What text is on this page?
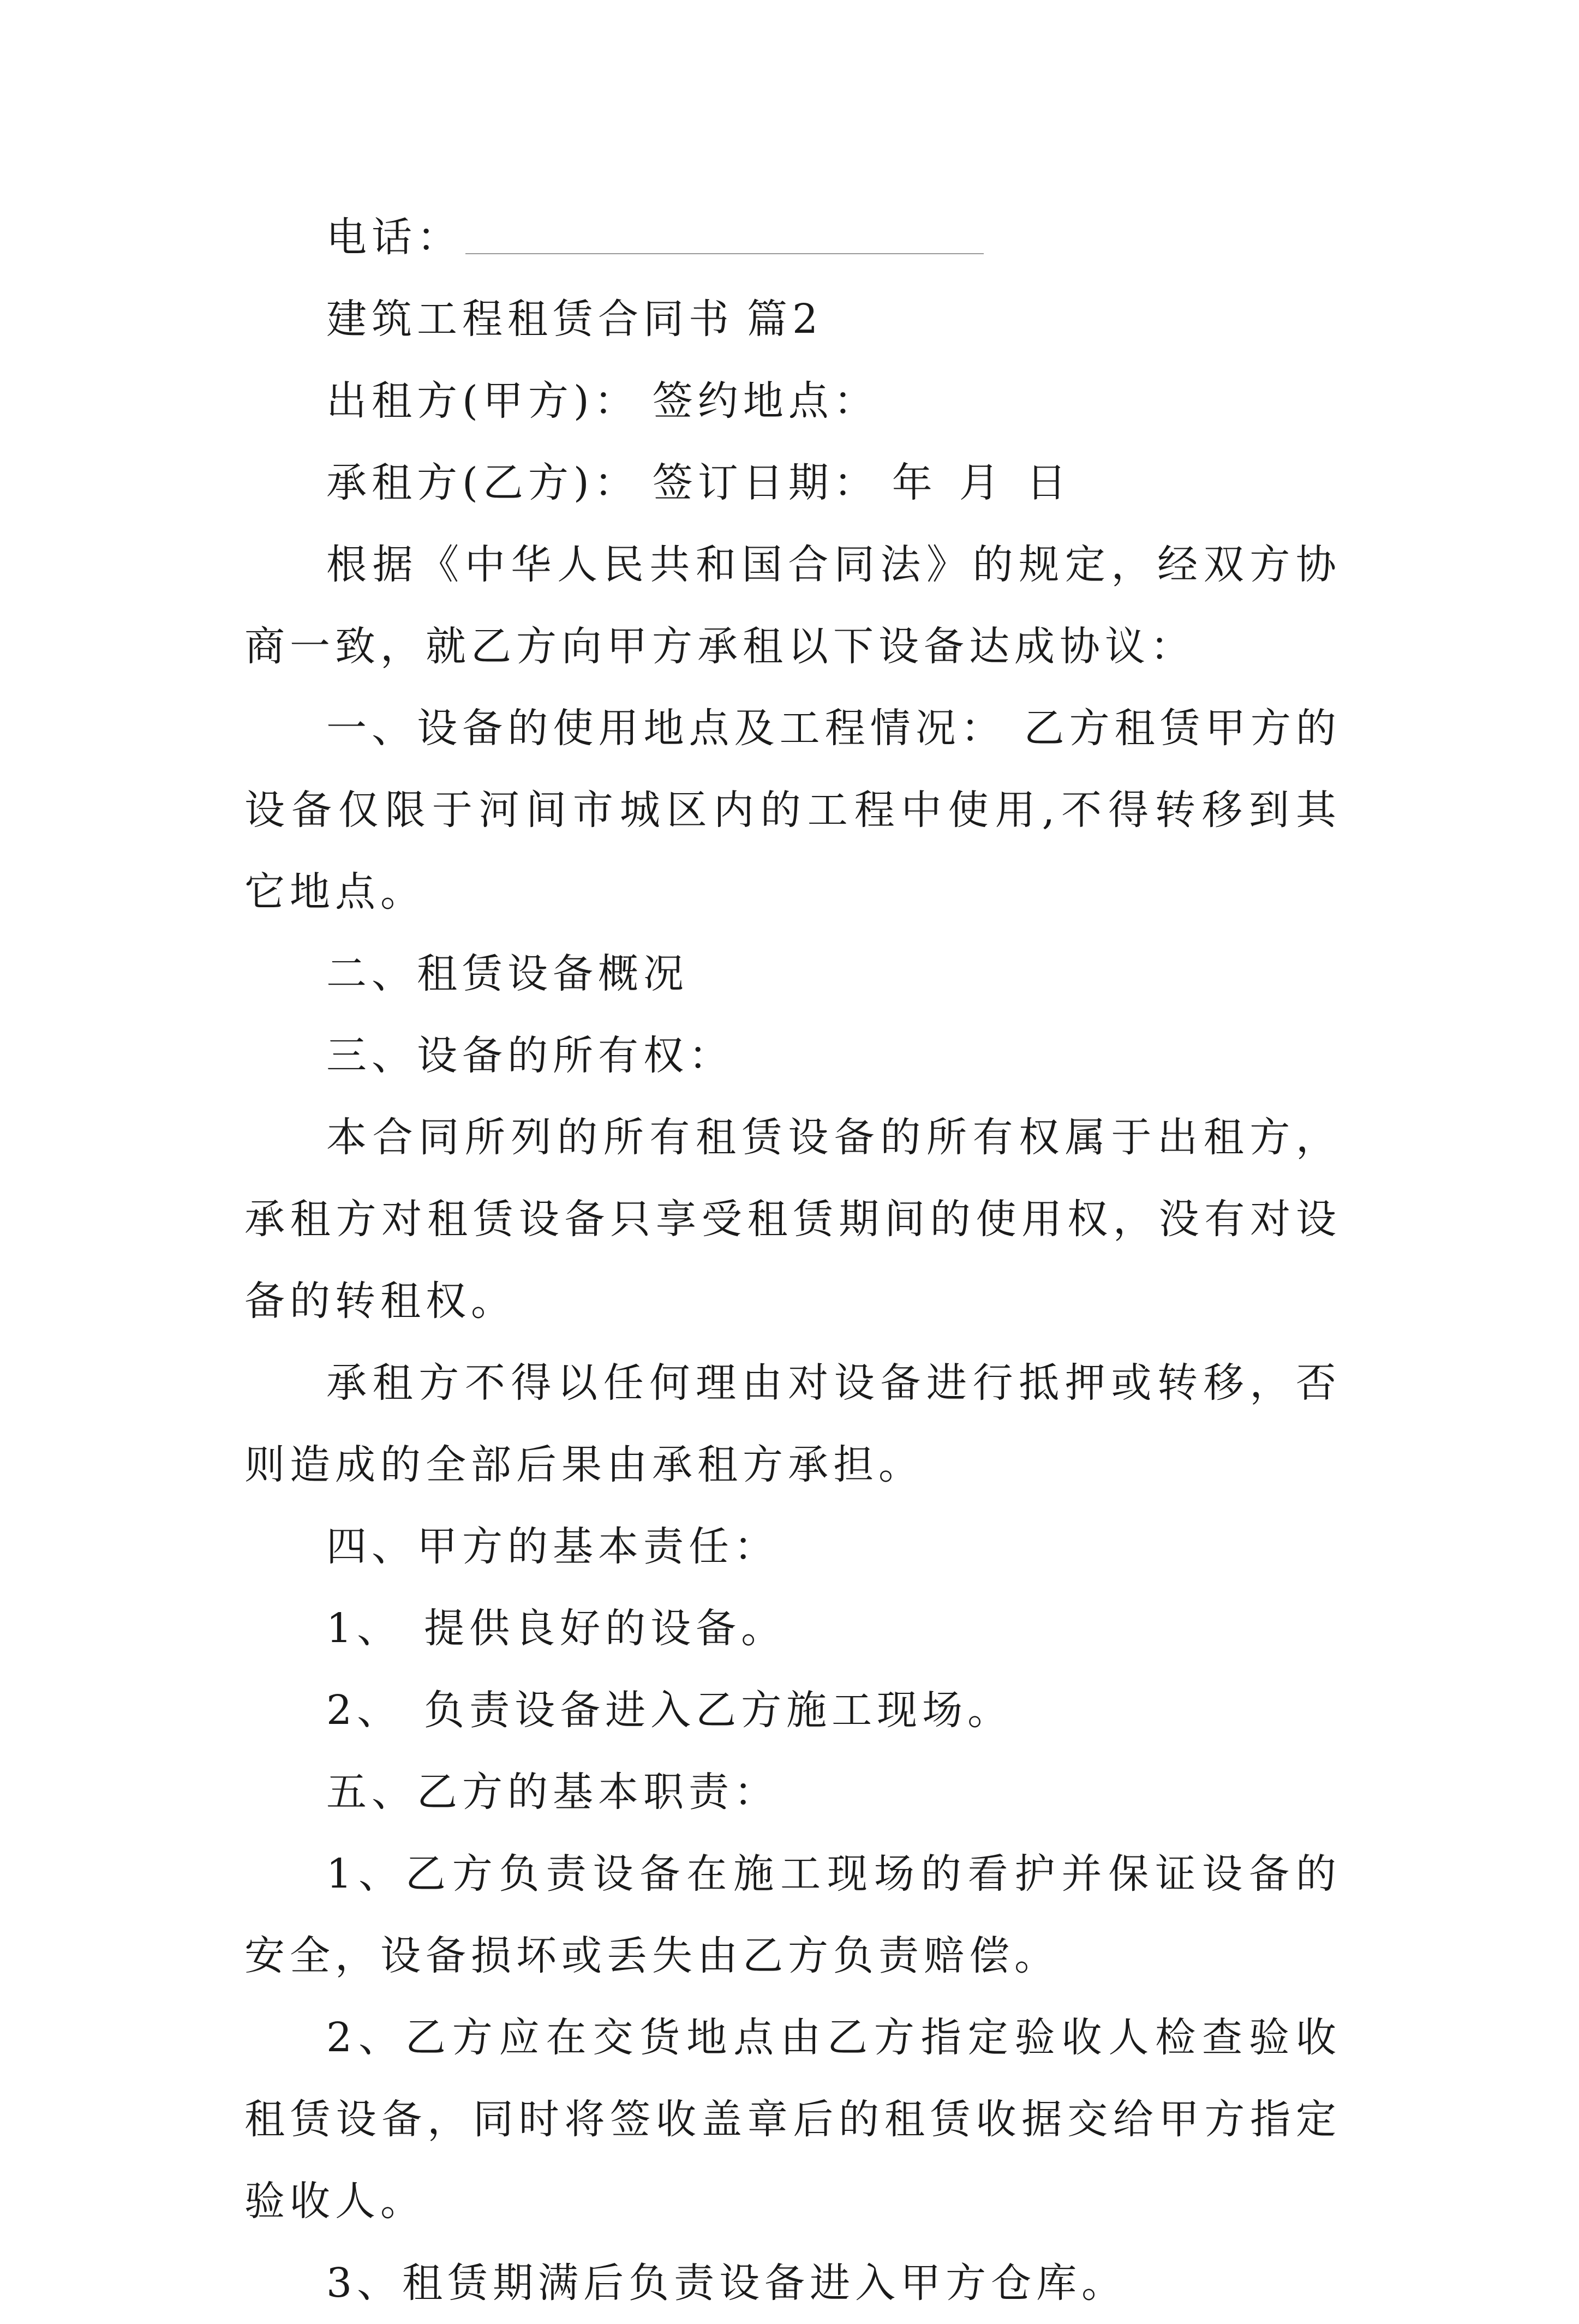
电话：
建筑工程租赁合同书 篇2
出租方(甲方)： 签约地点：
承租方(乙方)： 签订日期： 年 月 日
根据《中华人民共和国合同法》的规定，经双方协商一致，就乙方向甲方承租以下设备达成协议：
一、设备的使用地点及工程情况： 乙方租赁甲方的设备仅限于河间市城区内的工程中使用,不得转移到其它地点。
二、租赁设备概况
三、设备的所有权：
本合同所列的所有租赁设备的所有权属于出租方，承租方对租赁设备只享受租赁期间的使用权，没有对设备的转租权。
承租方不得以任何理由对设备进行抵押或转移，否则造成的全部后果由承租方承担。
四、甲方的基本责任：
1、 提供良好的设备。
2、 负责设备进入乙方施工现场。
五、乙方的基本职责：
1、乙方负责设备在施工现场的看护并保证设备的安全，设备损坏或丢失由乙方负责赔偿。
2、乙方应在交货地点由乙方指定验收人检查验收租赁设备，同时将签收盖章后的租赁收据交给甲方指定验收人。
3、租赁期满后负责设备进入甲方仓库。
